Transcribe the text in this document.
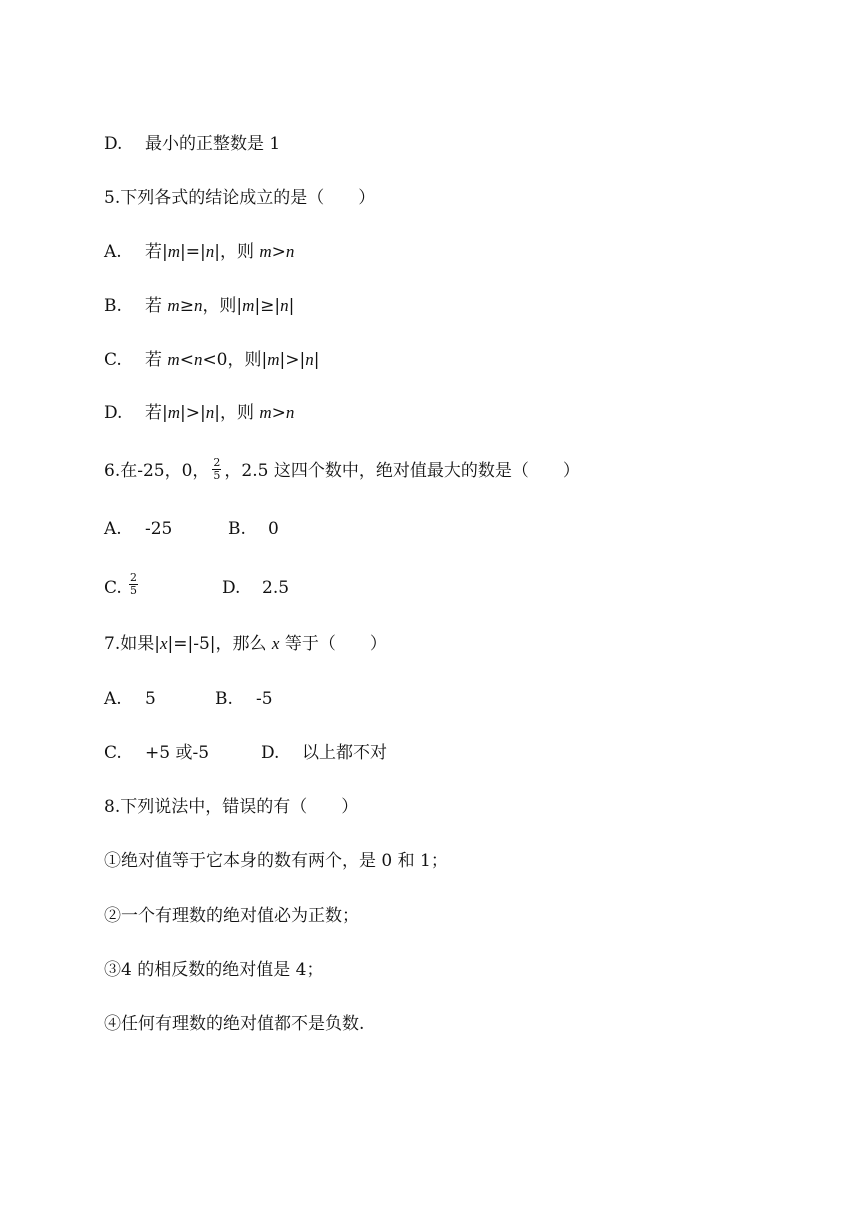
D. 最小的正整数是 1
5.下列各式的结论成立的是（　　）
A. 若|m|=|n|，则 m>n
B. 若 m≥n，则|m|≥|n|
C. 若 m<n<0，则|m|>|n|
D. 若|m|>|n|，则 m>n
6.在-25，0， $\frac{2}{5}$ ，2.5 这四个数中，绝对值最大的数是（　　）
A. -25	B. 0
C. $\frac{2}{5}$	D. 2.5
7.如果|x|=|-5|，那么 x 等于（　　）
A. 5	B. -5
C. +5 或-5	D. 以上都不对
8.下列说法中，错误的有（　　）
①绝对值等于它本身的数有两个，是 0 和 1；
②一个有理数的绝对值必为正数；
③4 的相反数的绝对值是 4；
④任何有理数的绝对值都不是负数.
